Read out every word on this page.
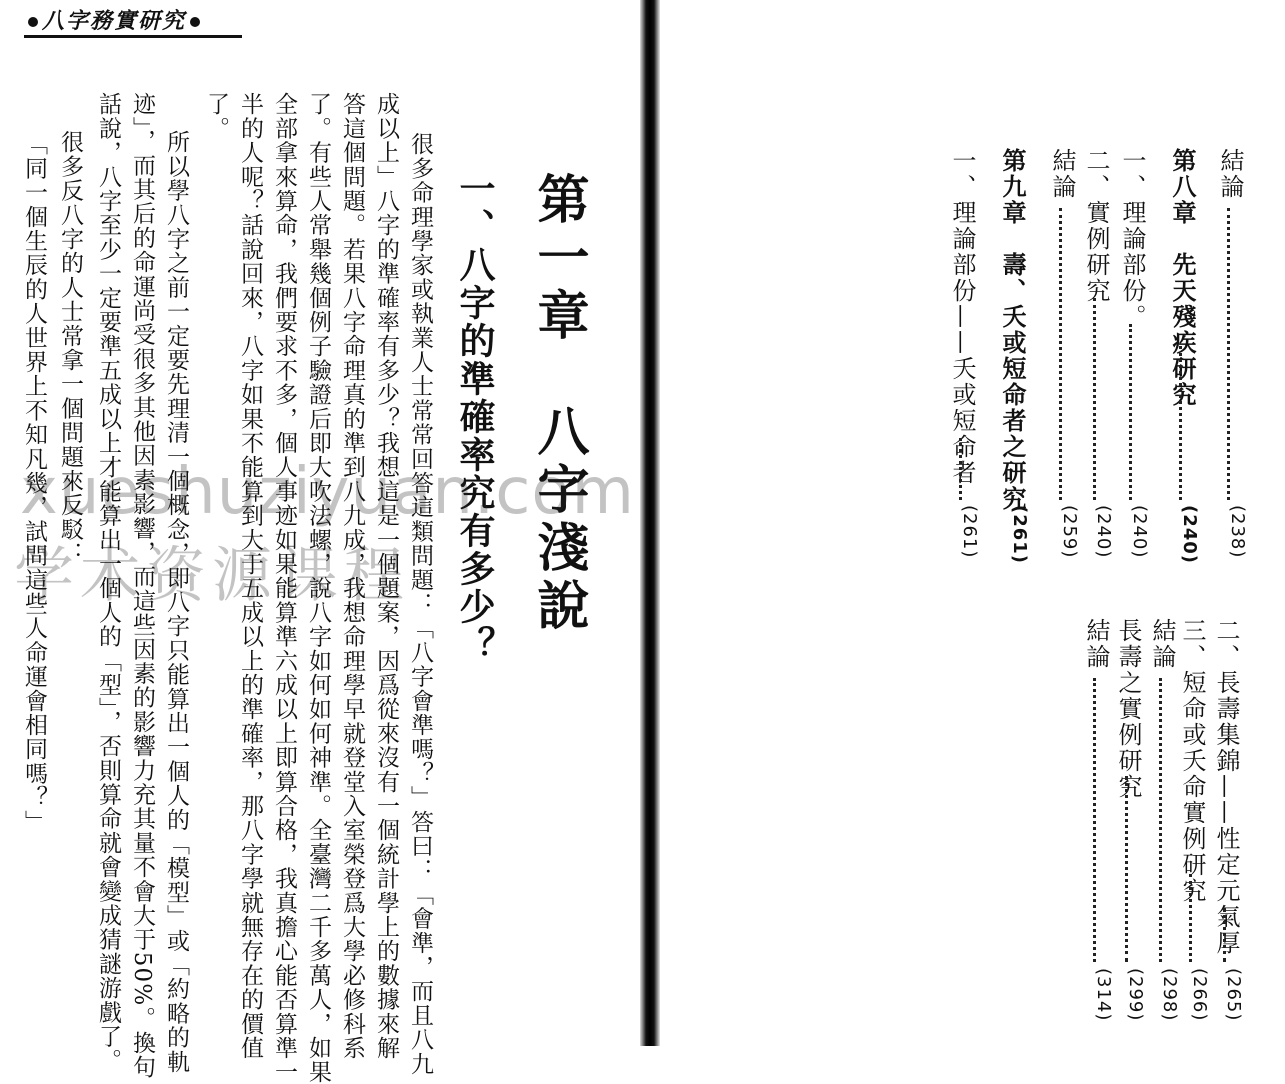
八字務實研究
第一章　八字淺說
一、八字的準確率究有多少？
很多命理學家或執業人士常常回答這類問題：「八字會準嗎？」答曰：「會準，而且八九
成以上」八字的準確率有多少？我想這是一個題案，因爲從來沒有一個統計學上的數據來解
答這個問題。若果八字命理真的準到八九成，我想命理學早就登堂入室榮登爲大學必修科系
了。有些人常舉幾個例子驗證后即大吹法螺，說八字如何如何神準。全臺灣二千多萬人，如果
全部拿來算命，我們要求不多，個人事迹如果能算準六成以上即算合格，我真擔心能否算準一
半的人呢？話說回來，八字如果不能算到大于五成以上的準確率，那八字學就無存在的價值
了。
所以學八字之前一定要先理清一個概念，即八字只能算出一個人的「模型」或「約略的軌
迹」，而其后的命運尚受很多其他因素影響，而這些因素的影響力充其量不會大于50%。換句
話說，八字至少一定要準五成以上才能算出一個人的「型」，否則算命就會變成猜謎游戲了。
很多反八字的人士常拿一個問題來反駁：
「同一個生辰的人世界上不知凡幾，試問這些人命運會相同嗎？」	結論
(238)
第八章　先天殘疾研究
(240)
一、理論部份。
(240)
二、實例研究
(240)
結論
(259)
第九章　壽、夭或短命者之研究
(261)
一、理論部份——夭或短命者
(261)
二、長壽集錦——性定元氣厚
(265)
三、短命或夭命實例研究
(266)
結論
(298)
長壽之實例研究
(299)
結論
(314)
xueshuziyuan.com
学术资源课程
